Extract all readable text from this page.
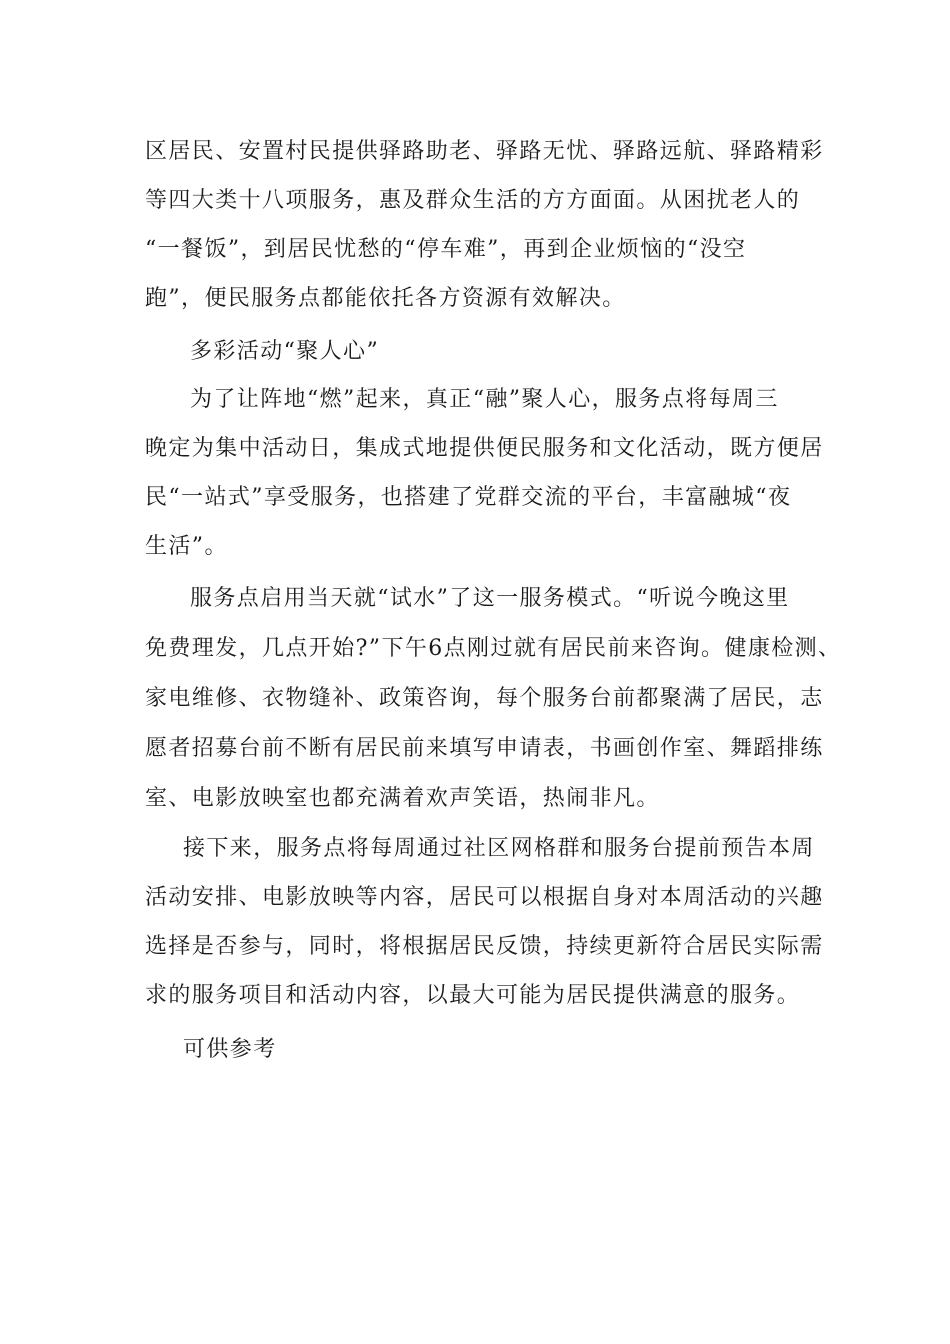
区居民、安置村民提供驿路助老、驿路无忧、驿路远航、驿路精彩
等四大类十八项服务，惠及群众生活的方方面面。从困扰老人的
“一餐饭”，到居民忧愁的“停车难”，再到企业烦恼的“没空
跑”，便民服务点都能依托各方资源有效解决。
多彩活动“聚人心”
为了让阵地“燃”起来，真正“融”聚人心，服务点将每周三
晚定为集中活动日，集成式地提供便民服务和文化活动，既方便居
民“一站式”享受服务，也搭建了党群交流的平台，丰富融城“夜
生活”。
服务点启用当天就“试水”了这一服务模式。“听说今晚这里
免费理发，几点开始?”下午6点刚过就有居民前来咨询。健康检测、
家电维修、衣物缝补、政策咨询，每个服务台前都聚满了居民，志
愿者招募台前不断有居民前来填写申请表，书画创作室、舞蹈排练
室、电影放映室也都充满着欢声笑语，热闹非凡。
接下来，服务点将每周通过社区网格群和服务台提前预告本周
活动安排、电影放映等内容，居民可以根据自身对本周活动的兴趣
选择是否参与，同时，将根据居民反馈，持续更新符合居民实际需
求的服务项目和活动内容，以最大可能为居民提供满意的服务。
可供参考
